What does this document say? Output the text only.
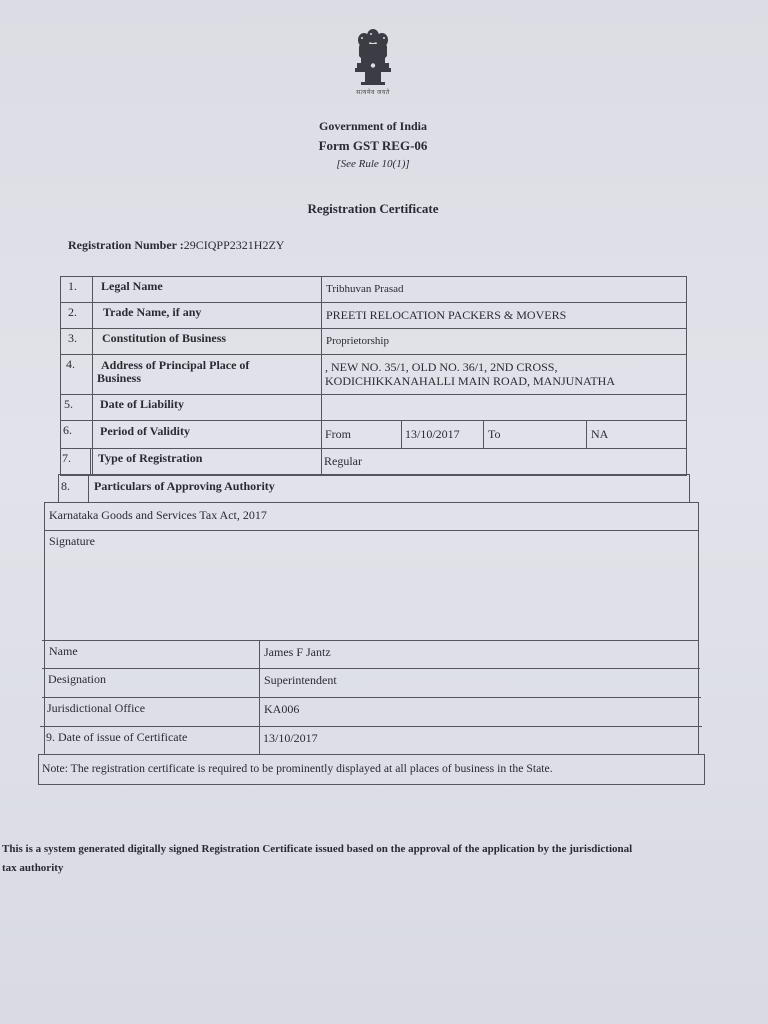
सत्यमेव जयते
Government of India
Form GST REG-06
[See Rule 10(1)]
Registration Certificate
Registration Number :29CIQPP2321H2ZY
1. Legal Name	Tribhuvan Prasad
2. Trade Name, if any	PREETI RELOCATION PACKERS & MOVERS
3. Constitution of Business	Proprietorship
4. Address of Principal Place of
Business
, NEW NO. 35/1, OLD NO. 36/1, 2ND CROSS,
KODICHIKKANAHALLI MAIN ROAD, MANJUNATHA
5. Date of Liability
6. Period of Validity	From	13/10/2017 To	NA
7. Type of Registration	Regular
8. Particulars of Approving Authority
Karnataka Goods and Services Tax Act, 2017
Signature
Name	James F Jantz
Designation	Superintendent
Jurisdictional Office	KA006
9. Date of issue of Certificate	13/10/2017
Note: The registration certificate is required to be prominently displayed at all places of business in the State.
This is a system generated digitally signed Registration Certificate issued based on the approval of the application by the jurisdictional
tax authority
